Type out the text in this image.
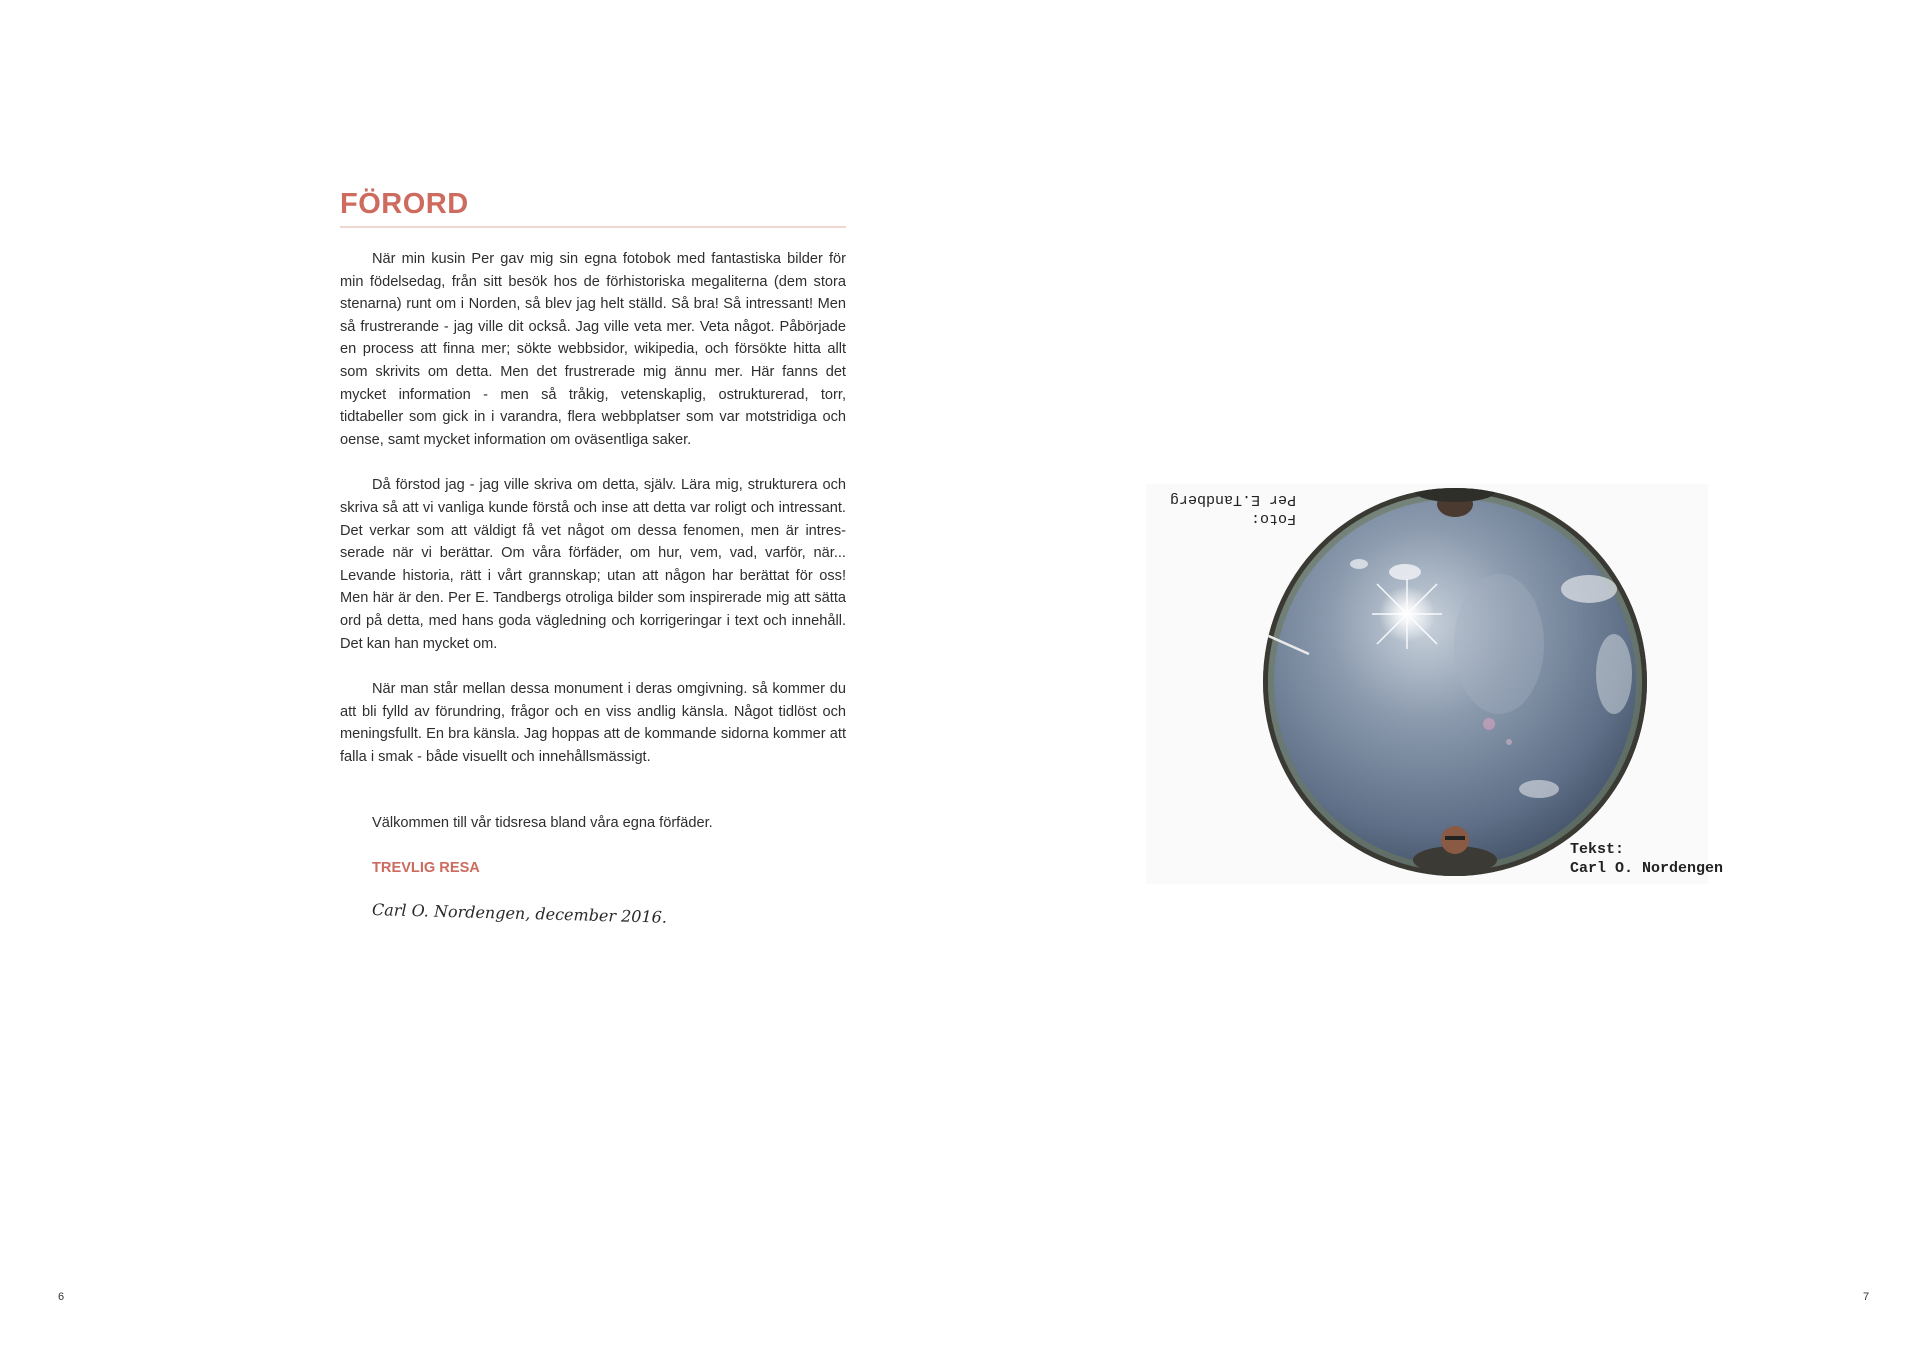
FÖRORD

När min kusin Per gav mig sin egna fotobok med fantastiska bilder för min födelsedag, från sitt besök hos de förhistoriska megaliterna (dem stora stenarna) runt om i Norden, så blev jag helt ställd. Så bra! Så intressant! Men så frustrerande - jag ville dit också. Jag ville veta mer. Veta något. Påbörjade en process att finna mer; sökte webbsidor, wikipedia, och försökte hitta allt som skrivits om detta. Men det frustrerade mig ännu mer. Här fanns det mycket information - men så tråkig, vetenskaplig, ostrukturerad, torr, tidtabeller som gick in i varandra, flera webbplatser som var motstridiga och oense, samt mycket information om oväsentliga saker.

Då förstod jag - jag ville skriva om detta, själv. Lära mig, strukturera och skriva så att vi vanliga kunde förstå och inse att detta var roligt och intressant. Det verkar som att väldigt få vet något om dessa fenomen, men är intres-serade när vi berättar. Om våra förfäder, om hur, vem, vad, varför, när... Levande historia, rätt i vårt grannskap; utan att någon har berättat för oss! Men här är den. Per E. Tandbergs otroliga bilder som inspirerade mig att sätta ord på detta, med hans goda vägledning och korrigeringar i text och innehåll. Det kan han mycket om.

När man står mellan dessa monument i deras omgivning. så kommer du att bli fylld av förundring, frågor och en viss andlig känsla. Något tidlöst och meningsfullt. En bra känsla. Jag hoppas att de kommande sidorna kommer att falla i smak - både visuellt och innehållsmässigt.

Välkommen till vår tidsresa bland våra egna förfäder.

TREVLIG RESA

Carl O. Nordengen, december 2016.

6
Foto:
Per E.Tandberg
Tekst:
Carl O. Nordengen
7
